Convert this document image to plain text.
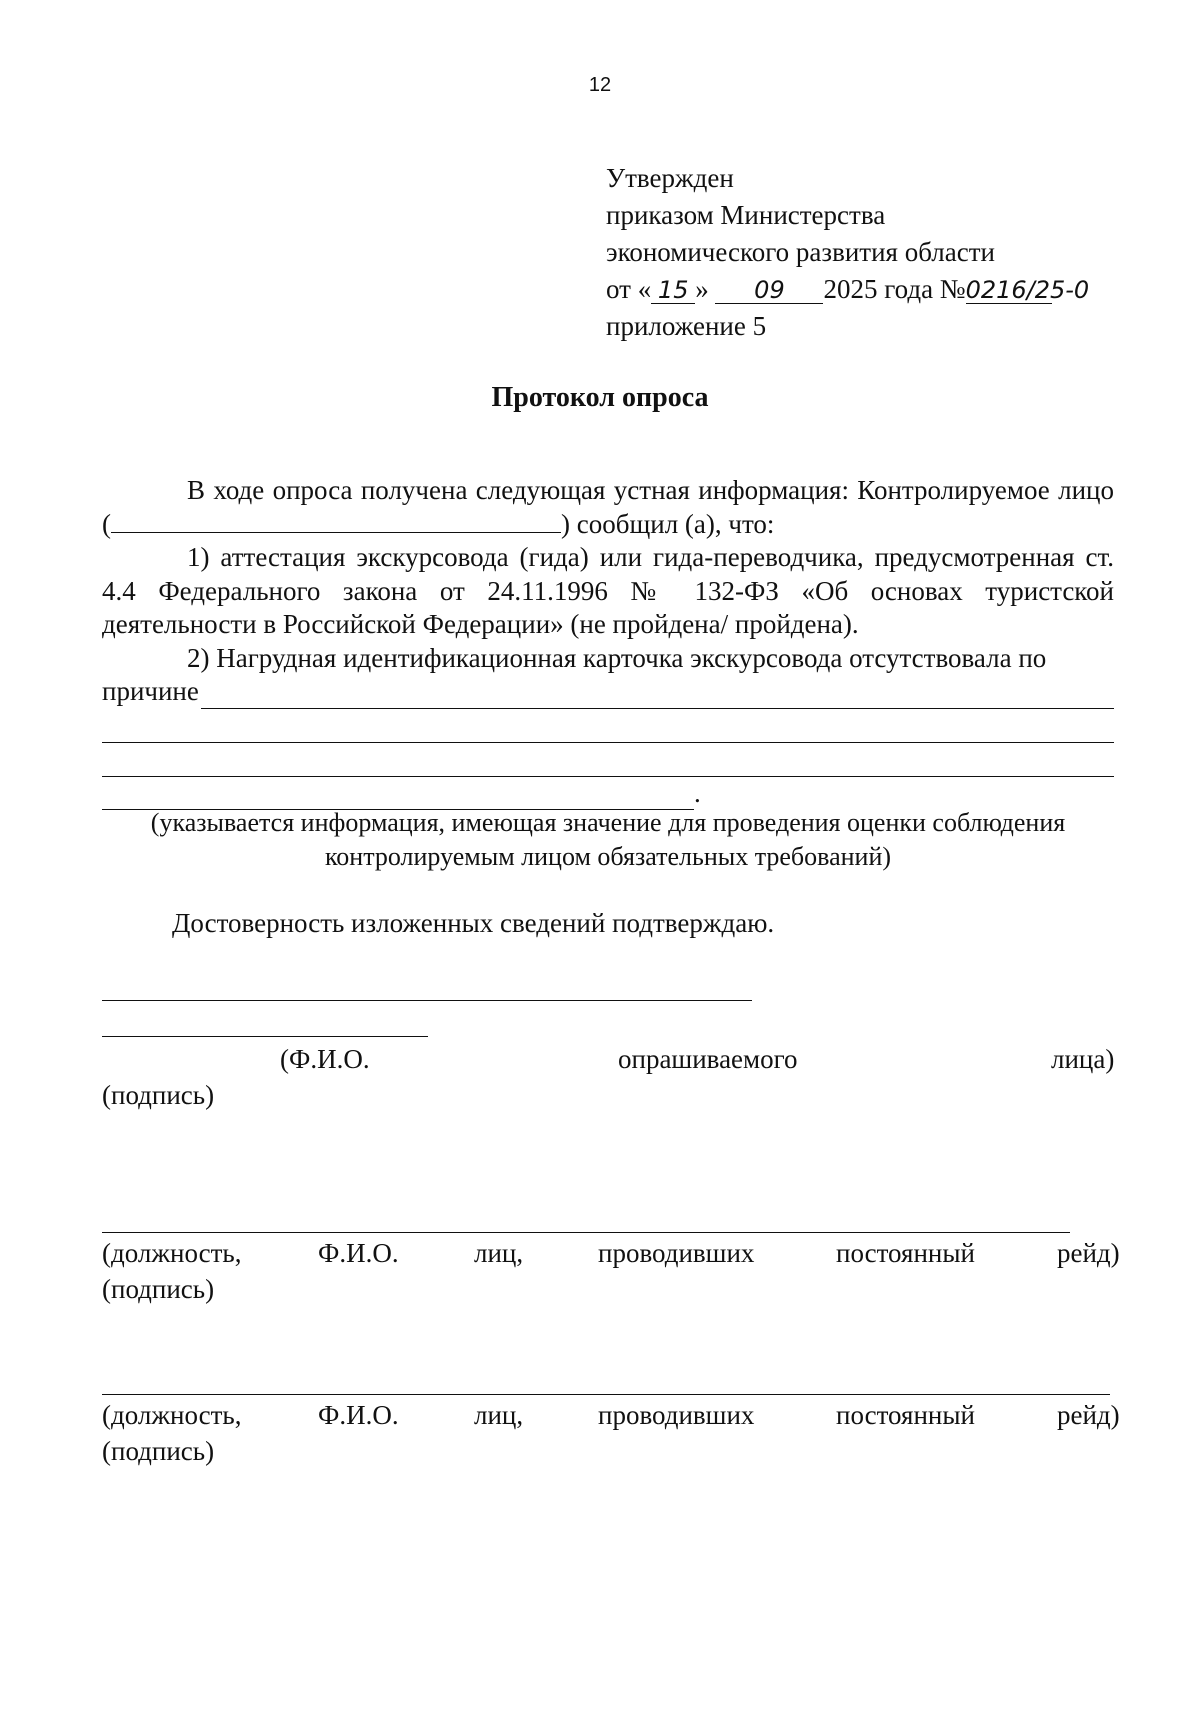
12
Утвержден
приказом Министерства
экономического развития области
от « 15 » 09 2025 года №0216/25-0
приложение 5
Протокол опроса
В ходе опроса получена следующая устная информация: Контролируемое лицо (	) сообщил (а), что:
1) аттестация экскурсовода (гида) или гида-переводчика, предусмотренная ст. 4.4 Федерального закона от 24.11.1996 № 132-ФЗ «Об основах туристской деятельности в Российской Федерации» (не пройдена/ пройдена).
2) Нагрудная идентификационная карточка экскурсовода отсутствовала по
причине
.
(указывается информация, имеющая значение для проведения оценки соблюдения контролируемым лицом обязательных требований)
Достоверность изложенных сведений подтверждаю.
(Ф.И.О.	опрашиваемого	лица)
(подпись)
(должность,	Ф.И.О.	лиц,	проводивших	постоянный	рейд)
(подпись)
(должность,	Ф.И.О.	лиц,	проводивших	постоянный	рейд)
(подпись)
